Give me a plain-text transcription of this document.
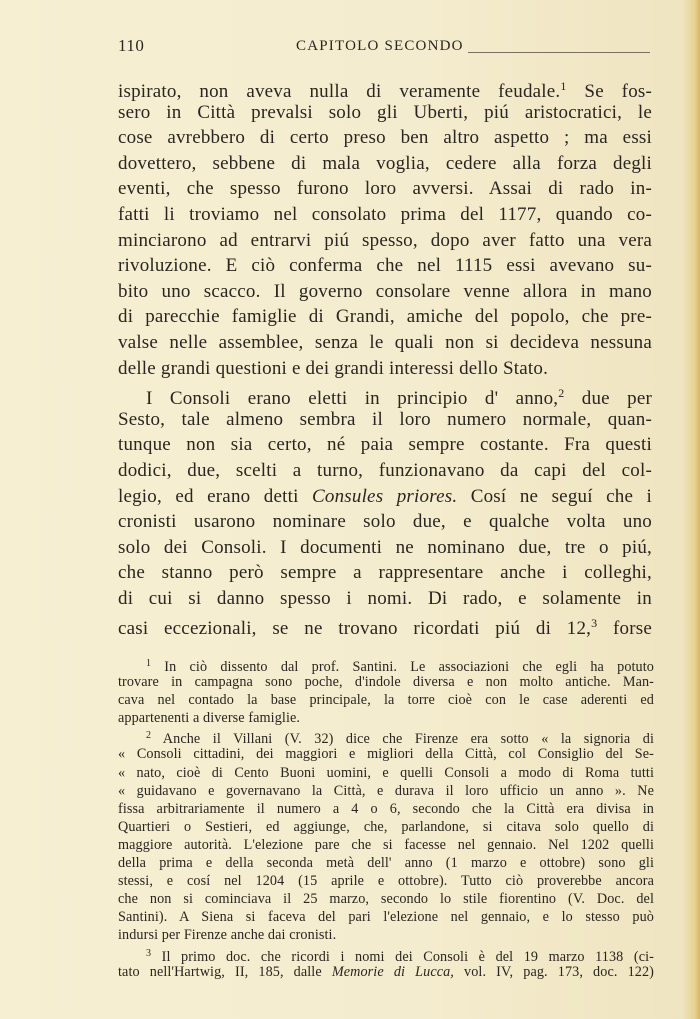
110	CAPITOLO SECONDO
ispirato, non aveva nulla di veramente feudale.$^1$ Se fos-
sero in Città prevalsi solo gli Uberti, piú aristocratici, le
cose avrebbero di certo preso ben altro aspetto ; ma essi
dovettero, sebbene di mala voglia, cedere alla forza degli
eventi, che spesso furono loro avversi. Assai di rado in-
fatti li troviamo nel consolato prima del 1177, quando co-
minciarono ad entrarvi piú spesso, dopo aver fatto una vera
rivoluzione. E ciò conferma che nel 1115 essi avevano su-
bito uno scacco. Il governo consolare venne allora in mano
di parecchie famiglie di Grandi, amiche del popolo, che pre-
valse nelle assemblee, senza le quali non si decideva nessuna
delle grandi questioni e dei grandi interessi dello Stato.
I Consoli erano eletti in principio d' anno,$^2$ due per
Sesto, tale almeno sembra il loro numero normale, quan-
tunque non sia certo, né paia sempre costante. Fra questi
dodici, due, scelti a turno, funzionavano da capi del col-
legio, ed erano detti Consules priores. Cosí ne seguí che i
cronisti usarono nominare solo due, e qualche volta uno
solo dei Consoli. I documenti ne nominano due, tre o piú,
che stanno però sempre a rappresentare anche i colleghi,
di cui si danno spesso i nomi. Di rado, e solamente in
casi eccezionali, se ne trovano ricordati piú di 12,$^3$ forse
$^1$ In ciò dissento dal prof. Santini. Le associazioni che egli ha potuto
trovare in campagna sono poche, d'indole diversa e non molto antiche. Man-
cava nel contado la base principale, la torre cioè con le case aderenti ed
appartenenti a diverse famiglie.
$^2$ Anche il Villani (V. 32) dice che Firenze era sotto « la signoria di
« Consoli cittadini, dei maggiori e migliori della Città, col Consiglio del Se-
« nato, cioè di Cento Buoni uomini, e quelli Consoli a modo di Roma tutti
« guidavano e governavano la Città, e durava il loro ufficio un anno ». Ne
fissa arbitrariamente il numero a 4 o 6, secondo che la Città era divisa in
Quartieri o Sestieri, ed aggiunge, che, parlandone, si citava solo quello di
maggiore autorità. L'elezione pare che si facesse nel gennaio. Nel 1202 quelli
della prima e della seconda metà dell' anno (1 marzo e ottobre) sono gli
stessi, e cosí nel 1204 (15 aprile e ottobre). Tutto ciò proverebbe ancora
che non si cominciava il 25 marzo, secondo lo stile fiorentino (V. Doc. del
Santini). A Siena si faceva del pari l'elezione nel gennaio, e lo stesso può
indursi per Firenze anche dai cronisti.
$^3$ Il primo doc. che ricordi i nomi dei Consoli è del 19 marzo 1138 (ci-
tato nell'Hartwig, II, 185, dalle Memorie di Lucca, vol. IV, pag. 173, doc. 122)
